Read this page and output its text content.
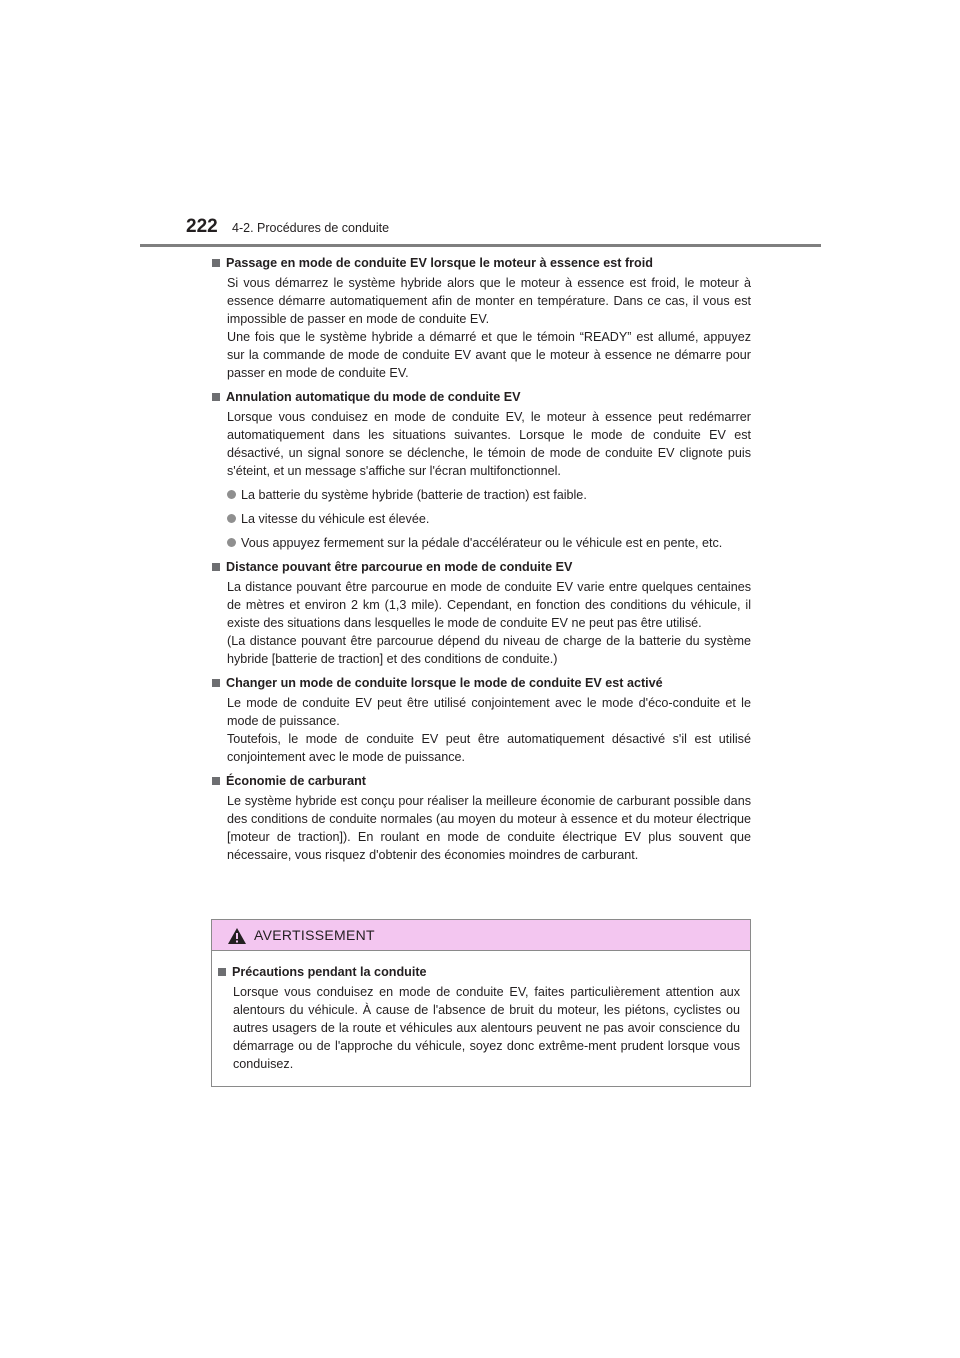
222 4-2. Procédures de conduite

Passage en mode de conduite EV lorsque le moteur à essence est froid

Si vous démarrez le système hybride alors que le moteur à essence est froid, le moteur à essence démarre automatiquement afin de monter en température. Dans ce cas, il vous est impossible de passer en mode de conduite EV.

Une fois que le système hybride a démarré et que le témoin “READY” est allumé, appuyez sur la commande de mode de conduite EV avant que le moteur à essence ne démarre pour passer en mode de conduite EV.

Annulation automatique du mode de conduite EV

Lorsque vous conduisez en mode de conduite EV, le moteur à essence peut redémarrer automatiquement dans les situations suivantes. Lorsque le mode de conduite EV est désactivé, un signal sonore se déclenche, le témoin de mode de conduite EV clignote puis s'éteint, et un message s'affiche sur l'écran multifonctionnel.

La batterie du système hybride (batterie de traction) est faible.
La vitesse du véhicule est élevée.
Vous appuyez fermement sur la pédale d'accélérateur ou le véhicule est en pente, etc.

Distance pouvant être parcourue en mode de conduite EV

La distance pouvant être parcourue en mode de conduite EV varie entre quelques centaines de mètres et environ 2 km (1,3 mile). Cependant, en fonction des conditions du véhicule, il existe des situations dans lesquelles le mode de conduite EV ne peut pas être utilisé.

(La distance pouvant être parcourue dépend du niveau de charge de la batterie du système hybride [batterie de traction] et des conditions de conduite.)

Changer un mode de conduite lorsque le mode de conduite EV est activé

Le mode de conduite EV peut être utilisé conjointement avec le mode d'éco-conduite et le mode de puissance.

Toutefois, le mode de conduite EV peut être automatiquement désactivé s'il est utilisé conjointement avec le mode de puissance.

Économie de carburant

Le système hybride est conçu pour réaliser la meilleure économie de carburant possible dans des conditions de conduite normales (au moyen du moteur à essence et du moteur électrique [moteur de traction]). En roulant en mode de conduite électrique EV plus souvent que nécessaire, vous risquez d'obtenir des économies moindres de carburant.

AVERTISSEMENT

Précautions pendant la conduite

Lorsque vous conduisez en mode de conduite EV, faites particulièrement attention aux alentours du véhicule. À cause de l'absence de bruit du moteur, les piétons, cyclistes ou autres usagers de la route et véhicules aux alentours peuvent ne pas avoir conscience du démarrage ou de l'approche du véhicule, soyez donc extrême-ment prudent lorsque vous conduisez.
